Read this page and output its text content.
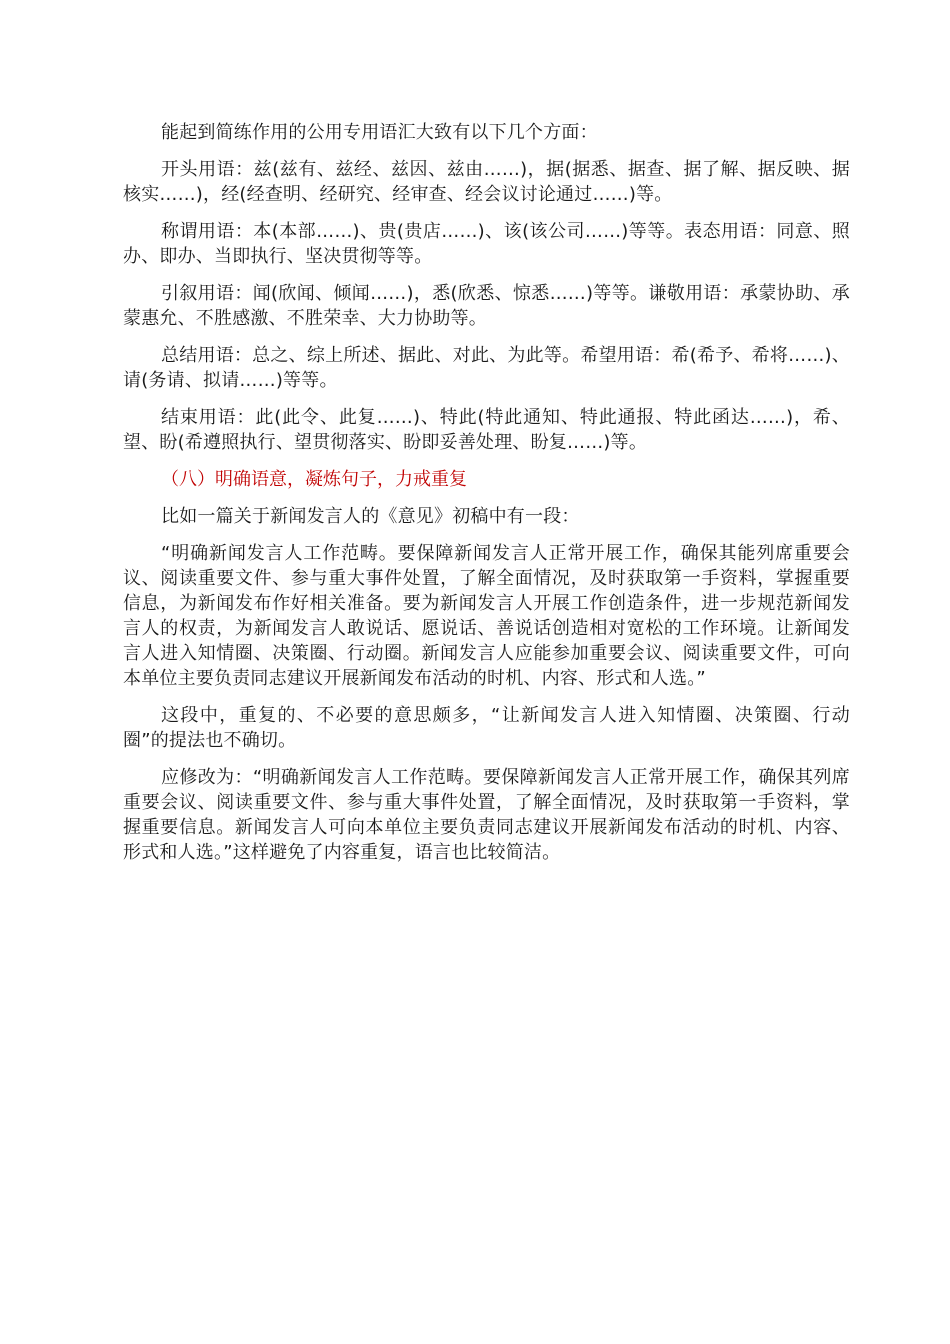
能起到简练作用的公用专用语汇大致有以下几个方面：

开头用语：兹(兹有、兹经、兹因、兹由……)，据(据悉、据查、据了解、据反映、据核实……)，经(经查明、经研究、经审查、经会议讨论通过……)等。

称谓用语：本(本部……)、贵(贵店……)、该(该公司……)等等。表态用语：同意、照办、即办、当即执行、坚决贯彻等等。

引叙用语：闻(欣闻、倾闻……)，悉(欣悉、惊悉……)等等。谦敬用语：承蒙协助、承蒙惠允、不胜感激、不胜荣幸、大力协助等。

总结用语：总之、综上所述、据此、对此、为此等。希望用语：希(希予、希将……)、请(务请、拟请……)等等。

结束用语：此(此令、此复……)、特此(特此通知、特此通报、特此函达……)，希、望、盼(希遵照执行、望贯彻落实、盼即妥善处理、盼复……)等。

（八）明确语意，凝炼句子，力戒重复

比如一篇关于新闻发言人的《意见》初稿中有一段：

“明确新闻发言人工作范畴。要保障新闻发言人正常开展工作，确保其能列席重要会议、阅读重要文件、参与重大事件处置，了解全面情况，及时获取第一手资料，掌握重要信息，为新闻发布作好相关准备。要为新闻发言人开展工作创造条件，进一步规范新闻发言人的权责，为新闻发言人敢说话、愿说话、善说话创造相对宽松的工作环境。让新闻发言人进入知情圈、决策圈、行动圈。新闻发言人应能参加重要会议、阅读重要文件，可向本单位主要负责同志建议开展新闻发布活动的时机、内容、形式和人选。”

这段中，重复的、不必要的意思颇多，“让新闻发言人进入知情圈、决策圈、行动圈”的提法也不确切。

应修改为：“明确新闻发言人工作范畴。要保障新闻发言人正常开展工作，确保其列席重要会议、阅读重要文件、参与重大事件处置，了解全面情况，及时获取第一手资料，掌握重要信息。新闻发言人可向本单位主要负责同志建议开展新闻发布活动的时机、内容、形式和人选。”这样避免了内容重复，语言也比较简洁。
